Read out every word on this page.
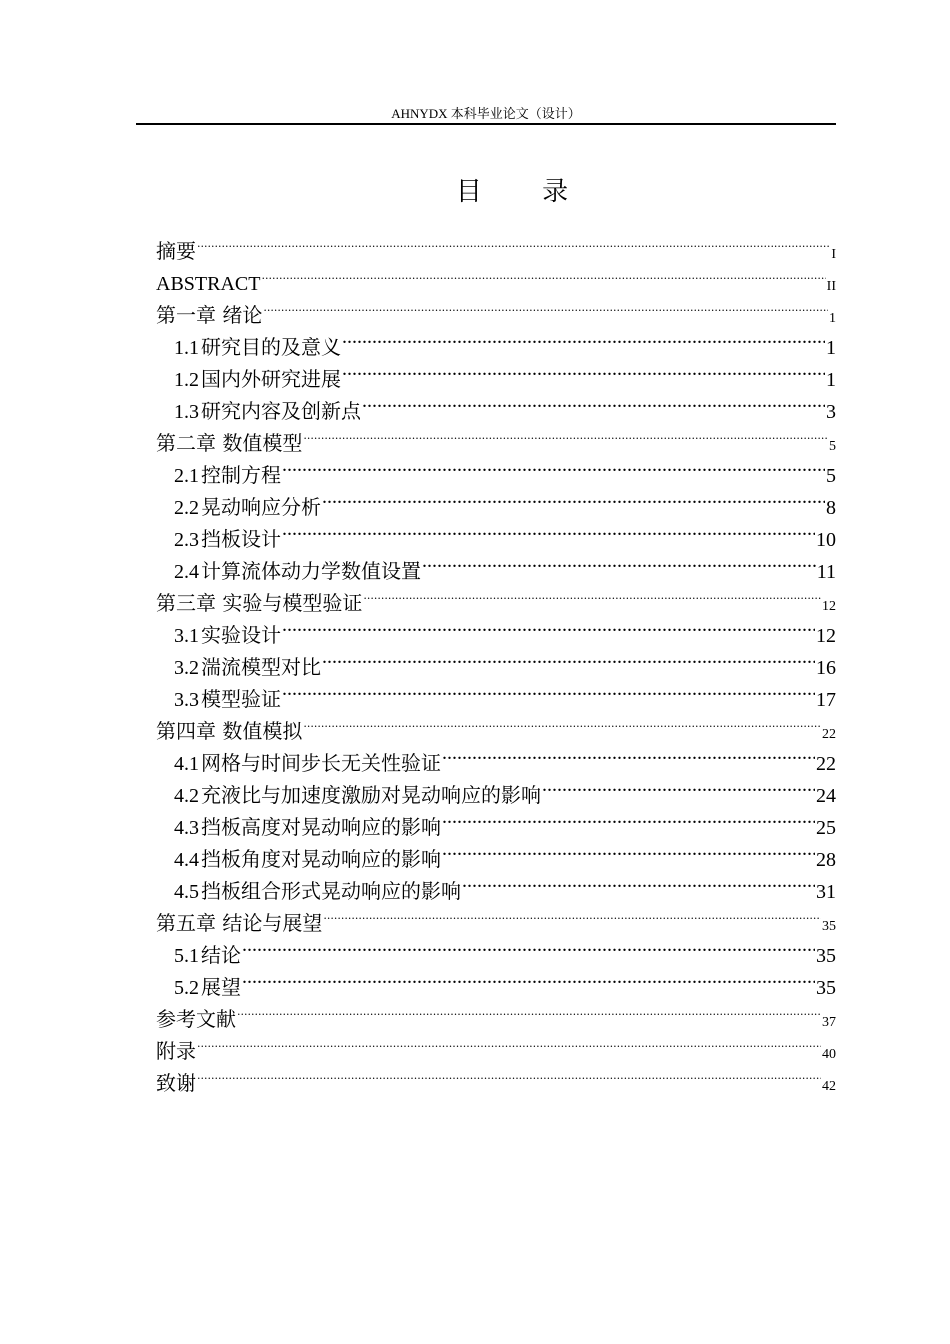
AHNYDX 本科毕业论文（设计）
目 录
摘要 .....	I
ABSTRACT .....	II
第一章 绪论 .....	1
1.1 研究目的及意义 .....	1
1.2 国内外研究进展 .....	1
1.3 研究内容及创新点 .....	3
第二章 数值模型 .....	5
2.1 控制方程 .....	5
2.2 晃动响应分析 .....	8
2.3 挡板设计 .....	10
2.4 计算流体动力学数值设置 .....	11
第三章 实验与模型验证 .....	12
3.1 实验设计 .....	12
3.2 湍流模型对比 .....	16
3.3 模型验证 .....	17
第四章 数值模拟 .....	22
4.1 网格与时间步长无关性验证 .....	22
4.2 充液比与加速度激励对晃动响应的影响 .....	24
4.3 挡板高度对晃动响应的影响 .....	25
4.4 挡板角度对晃动响应的影响 .....	28
4.5 挡板组合形式晃动响应的影响 .....	31
第五章 结论与展望 .....	35
5.1 结论 .....	35
5.2 展望 .....	35
参考文献 .....	37
附录 .....	40
致谢 .....	42
